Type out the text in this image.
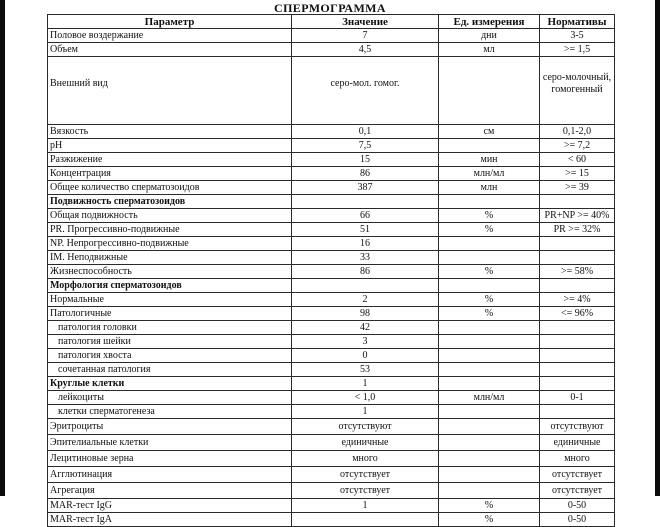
СПЕРМОГРАММА
Параметр	Значение	Ед. измерения	Нормативы
Половое воздержание	7	дни	3-5
Объем	4,5	мл	>= 1,5
Внешний вид	серо-мол. гомог.		серо-молочный, гомогенный
Вязкость	0,1	см	0,1-2,0
pH	7,5		>= 7,2
Разжижение	15	мин	< 60
Концентрация	86	млн/мл	>= 15
Общее количество сперматозоидов	387	млн	>= 39
Подвижность сперматозоидов			
Общая подвижность	66	%	PR+NP >= 40%
PR. Прогрессивно-подвижные	51	%	PR >= 32%
NP. Непрогрессивно-подвижные	16		
IM. Неподвижные	33		
Жизнеспособность	86	%	>= 58%
Морфология сперматозоидов			
Нормальные	2	%	>= 4%
Патологичные	98	%	<= 96%
патология головки	42		
патология шейки	3		
патология хвоста	0		
сочетанная патология	53		
Круглые клетки	1		
лейкоциты	< 1,0	млн/мл	0-1
клетки сперматогенеза	1		
Эритроциты	отсутствуют		отсутствуют
Эпителиальные клетки	единичные		единичные
Лецитиновые зерна	много		много
Агглютинация	отсутствует		отсутствует
Агрегация	отсутствует		отсутствует
MAR-тест IgG	1	%	0-50
MAR-тест IgA		%	0-50
